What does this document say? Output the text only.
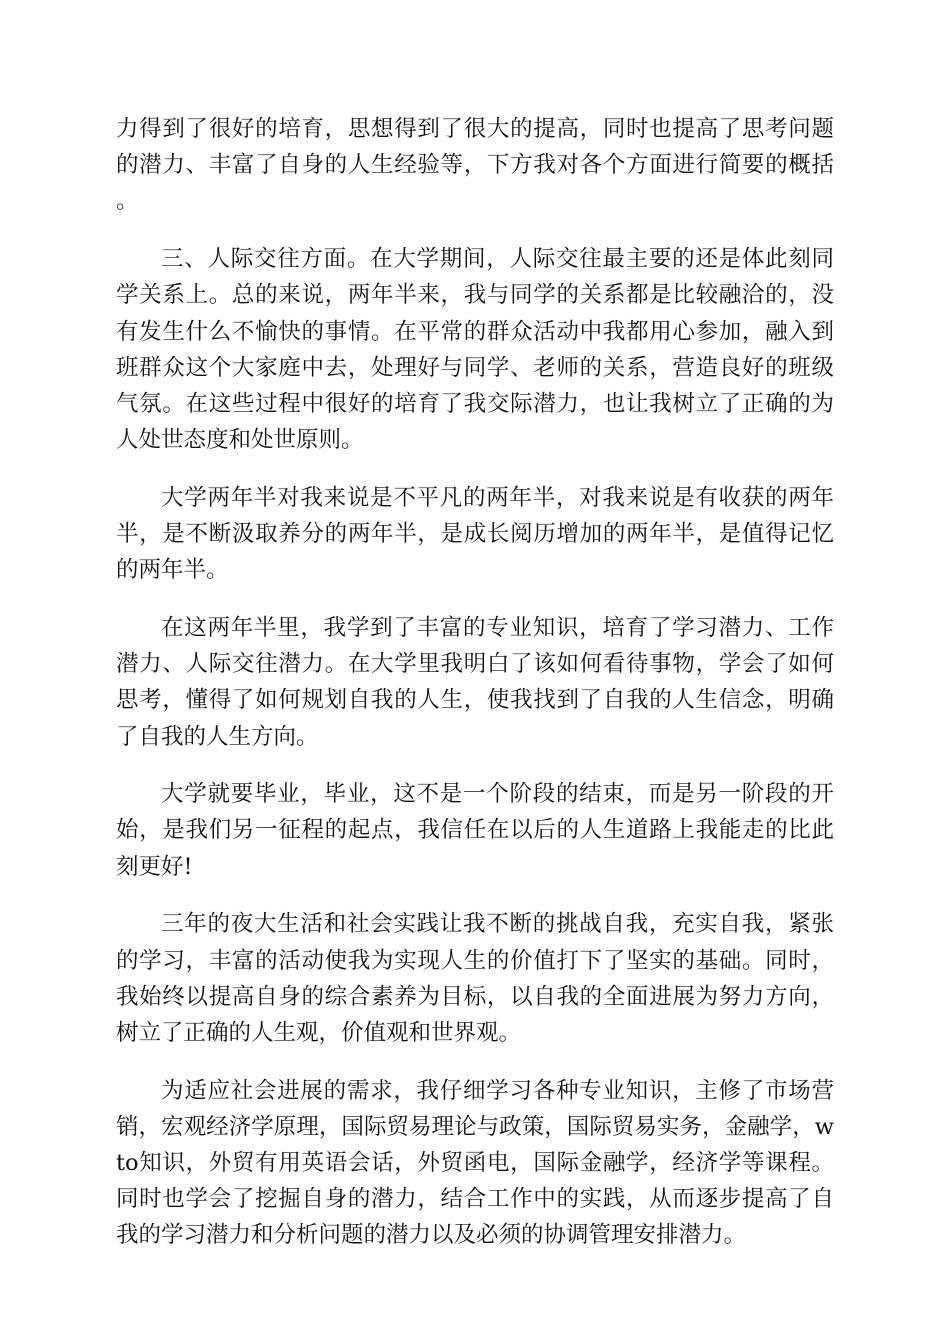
力得到了很好的培育，思想得到了很大的提高，同时也提高了思考问题的潜力、丰富了自身的人生经验等，下方我对各个方面进行简要的概括。

三、人际交往方面。在大学期间，人际交往最主要的还是体此刻同学关系上。总的来说，两年半来，我与同学的关系都是比较融洽的，没有发生什么不愉快的事情。在平常的群众活动中我都用心参加，融入到班群众这个大家庭中去，处理好与同学、老师的关系，营造良好的班级气氛。在这些过程中很好的培育了我交际潜力，也让我树立了正确的为人处世态度和处世原则。

大学两年半对我来说是不平凡的两年半，对我来说是有收获的两年半，是不断汲取养分的两年半，是成长阅历增加的两年半，是值得记忆的两年半。

在这两年半里，我学到了丰富的专业知识，培育了学习潜力、工作潜力、人际交往潜力。在大学里我明白了该如何看待事物，学会了如何思考，懂得了如何规划自我的人生，使我找到了自我的人生信念，明确了自我的人生方向。

大学就要毕业，毕业，这不是一个阶段的结束，而是另一阶段的开始，是我们另一征程的起点，我信任在以后的人生道路上我能走的比此刻更好!

三年的夜大生活和社会实践让我不断的挑战自我，充实自我，紧张的学习，丰富的活动使我为实现人生的价值打下了坚实的基础。同时，我始终以提高自身的综合素养为目标，以自我的全面进展为努力方向，树立了正确的人生观，价值观和世界观。

为适应社会进展的需求，我仔细学习各种专业知识，主修了市场营销，宏观经济学原理，国际贸易理论与政策，国际贸易实务，金融学，wto知识，外贸有用英语会话，外贸函电，国际金融学，经济学等课程。同时也学会了挖掘自身的潜力，结合工作中的实践，从而逐步提高了自我的学习潜力和分析问题的潜力以及必须的协调管理安排潜力。
